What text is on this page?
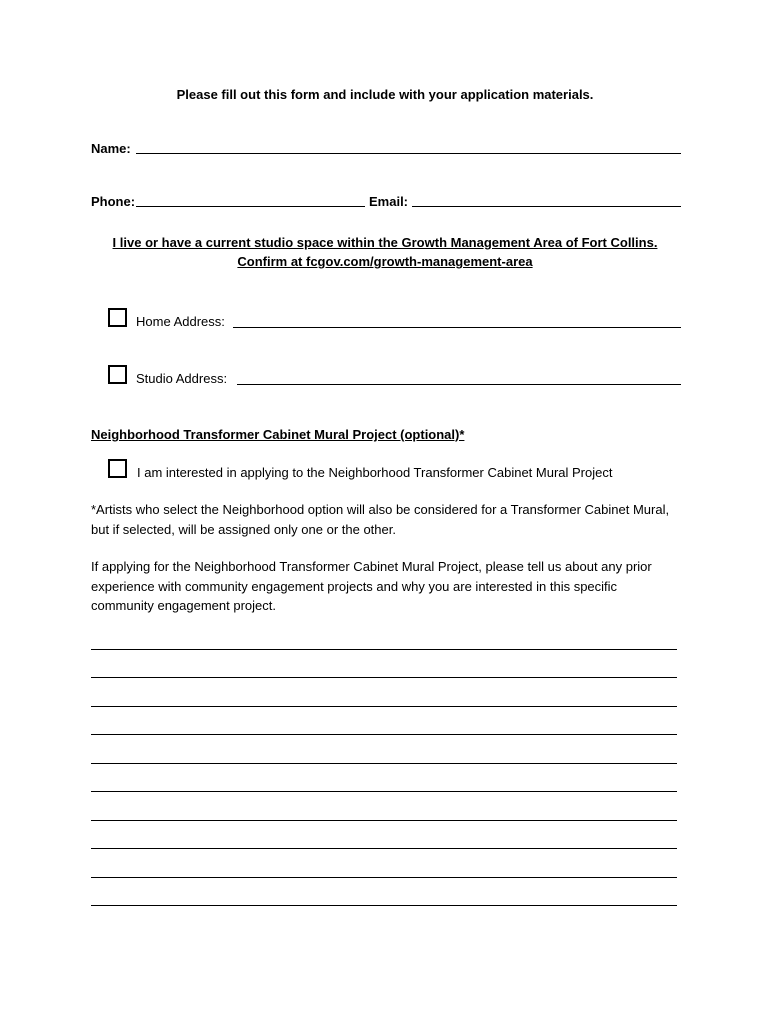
Please fill out this form and include with your application materials.
Name:
Phone:	Email:
I live or have a current studio space within the Growth Management Area of Fort Collins.
Confirm at fcgov.com/growth-management-area
Home Address:
Studio Address:
Neighborhood Transformer Cabinet Mural Project (optional)*
I am interested in applying to the Neighborhood Transformer Cabinet Mural Project
*Artists who select the Neighborhood option will also be considered for a Transformer Cabinet Mural, but if selected, will be assigned only one or the other.
If applying for the Neighborhood Transformer Cabinet Mural Project, please tell us about any prior experience with community engagement projects and why you are interested in this specific community engagement project.
